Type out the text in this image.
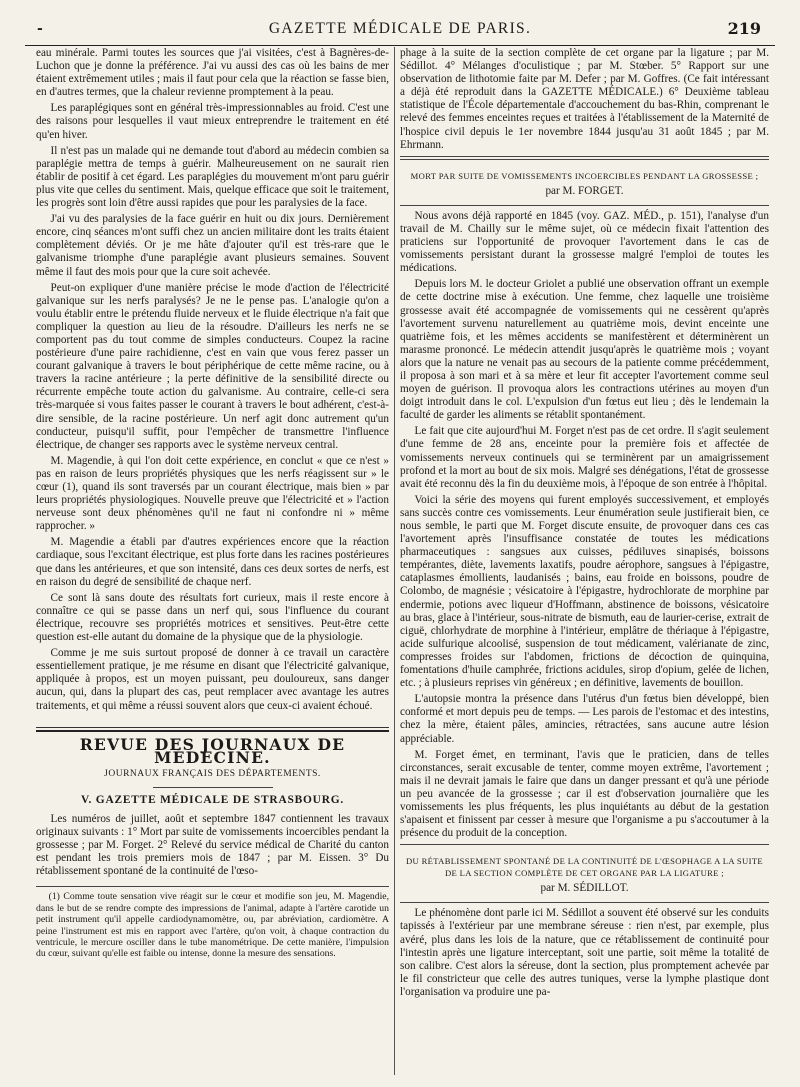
-	GAZETTE MÉDICALE DE PARIS.	219

eau minérale. Parmi toutes les sources que j'ai visitées, c'est à Bagnères-de-Luchon que je donne la préférence. J'ai vu aussi des cas où les bains de mer étaient extrêmement utiles ; mais il faut pour cela que la réaction se fasse bien, en d'autres termes, que la chaleur revienne promptement à la peau.

Les paraplégiques sont en général très-impressionnables au froid. C'est une des raisons pour lesquelles il vaut mieux entreprendre le traitement en été qu'en hiver.

Il n'est pas un malade qui ne demande tout d'abord au médecin combien sa paraplégie mettra de temps à guérir. Malheureusement on ne saurait rien établir de positif à cet égard. Les paraplégies du mouvement m'ont paru guérir plus vite que celles du sentiment. Mais, quelque efficace que soit le traitement, les progrès sont loin d'être aussi rapides que pour les paralysies de la face.

J'ai vu des paralysies de la face guérir en huit ou dix jours. Dernièrement encore, cinq séances m'ont suffi chez un ancien militaire dont les traits étaient complètement déviés. Or je me hâte d'ajouter qu'il est très-rare que le galvanisme triomphe d'une paraplégie avant plusieurs semaines. Souvent même il faut des mois pour que la cure soit achevée.

Peut-on expliquer d'une manière précise le mode d'action de l'électricité galvanique sur les nerfs paralysés? Je ne le pense pas. L'analogie qu'on a voulu établir entre le prétendu fluide nerveux et le fluide électrique n'a fait que compliquer la question au lieu de la résoudre. D'ailleurs les nerfs ne se comportent pas du tout comme de simples conducteurs. Coupez la racine postérieure d'une paire rachidienne, c'est en vain que vous ferez passer un courant galvanique à travers le bout périphérique de cette même racine, ou à travers la racine antérieure ; la perte définitive de la sensibilité directe ou récurrente empêche toute action du galvanisme. Au contraire, celle-ci sera très-marquée si vous faites passer le courant à travers le bout adhérent, c'est-à-dire sensible, de la racine postérieure. Un nerf agit donc autrement qu'un conducteur, puisqu'il suffit, pour l'empêcher de transmettre l'influence électrique, de changer ses rapports avec le système nerveux central.

M. Magendie, à qui l'on doit cette expérience, en conclut « que ce n'est » pas en raison de leurs propriétés physiques que les nerfs réagissent sur » le cœur (1), quand ils sont traversés par un courant électrique, mais bien » par leurs propriétés physiologiques. Nouvelle preuve que l'électricité et » l'action nerveuse sont deux phénomènes qu'il ne faut ni confondre ni » même rapprocher. »

M. Magendie a établi par d'autres expériences encore que la réaction cardiaque, sous l'excitant électrique, est plus forte dans les racines postérieures que dans les antérieures, et que son intensité, dans ces deux sortes de nerfs, est en raison du degré de sensibilité de chaque nerf.

Ce sont là sans doute des résultats fort curieux, mais il reste encore à connaître ce qui se passe dans un nerf qui, sous l'influence du courant électrique, recouvre ses propriétés motrices et sensitives. Peut-être cette question est-elle autant du domaine de la physique que de la physiologie.

Comme je me suis surtout proposé de donner à ce travail un caractère essentiellement pratique, je me résume en disant que l'électricité galvanique, appliquée à propos, est un moyen puissant, peu douloureux, sans danger aucun, qui, dans la plupart des cas, peut remplacer avec avantage les autres traitements, et qui même a réussi souvent alors que ceux-ci avaient échoué.

REVUE DES JOURNAUX DE MÉDECINE.
JOURNAUX FRANÇAIS DES DÉPARTEMENTS.
V. GAZETTE MÉDICALE DE STRASBOURG.

Les numéros de juillet, août et septembre 1847 contiennent les travaux originaux suivants : 1° Mort par suite de vomissements incoercibles pendant la grossesse ; par M. Forget. 2° Relevé du service médical de Charité du canton est pendant les trois premiers mois de 1847 ; par M. Eissen. 3° Du rétablissement spontané de la continuité de l'œso-

(1) Comme toute sensation vive réagit sur le cœur et modifie son jeu, M. Magendie, dans le but de se rendre compte des impressions de l'animal, adapte à l'artère carotide un petit instrument qu'il appelle cardiodynamomètre, ou, par abréviation, cardiomètre. A peine l'instrument est mis en rapport avec l'artère, qu'on voit, à chaque contraction du ventricule, le mercure osciller dans le tube manométrique. De cette manière, l'impulsion du cœur, suivant qu'elle est faible ou intense, donne la mesure des sensations.

phage à la suite de la section complète de cet organe par la ligature ; par M. Sédillot. 4° Mélanges d'oculistique ; par M. Stœber. 5° Rapport sur une observation de lithotomie faite par M. Defer ; par M. Goffres. (Ce fait intéressant a déjà été reproduit dans la GAZETTE MÉDICALE.) 6° Deuxième tableau statistique de l'École départementale d'accouchement du bas-Rhin, comprenant le relevé des femmes enceintes reçues et traitées à l'établissement de la Maternité de l'hospice civil depuis le 1er novembre 1844 jusqu'au 31 août 1845 ; par M. Ehrmann.

MORT PAR SUITE DE VOMISSEMENTS INCOERCIBLES PENDANT LA GROSSESSE ;
par M. FORGET.

Nous avons déjà rapporté en 1845 (voy. GAZ. MÉD., p. 151), l'analyse d'un travail de M. Chailly sur le même sujet, où ce médecin fixait l'attention des praticiens sur l'opportunité de provoquer l'avortement dans le cas de vomissements persistant durant la grossesse malgré l'emploi de toutes les médications.

Depuis lors M. le docteur Griolet a publié une observation offrant un exemple de cette doctrine mise à exécution. Une femme, chez laquelle une troisième grossesse avait été accompagnée de vomissements qui ne cessèrent qu'après l'avortement survenu naturellement au quatrième mois, devint enceinte une quatrième fois, et les mêmes accidents se manifestèrent et déterminèrent un marasme prononcé. Le médecin attendit jusqu'après le quatrième mois ; voyant alors que la nature ne venait pas au secours de la patiente comme précédemment, il proposa à son mari et à sa mère et leur fit accepter l'avortement comme seul moyen de guérison. Il provoqua alors les contractions utérines au moyen d'un doigt introduit dans le col. L'expulsion d'un fœtus eut lieu ; dès le lendemain la faculté de garder les aliments se rétablit spontanément.

Le fait que cite aujourd'hui M. Forget n'est pas de cet ordre. Il s'agit seulement d'une femme de 28 ans, enceinte pour la première fois et affectée de vomissements nerveux continuels qui se terminèrent par un amaigrissement profond et la mort au bout de six mois. Malgré ses dénégations, l'état de grossesse avait été reconnu dès la fin du deuxième mois, à l'époque de son entrée à l'hôpital.

Voici la série des moyens qui furent employés successivement, et employés sans succès contre ces vomissements. Leur énumération seule justifierait bien, ce nous semble, le parti que M. Forget discute ensuite, de provoquer dans ces cas l'avortement après l'insuffisance constatée de toutes les médications pharmaceutiques : sangsues aux cuisses, pédiluves sinapisés, boissons tempérantes, diète, lavements laxatifs, poudre aérophore, sangsues à l'épigastre, cataplasmes émollients, laudanisés ; bains, eau froide en boissons, poudre de Colombo, de magnésie ; vésicatoire à l'épigastre, hydrochlorate de morphine par endermie, potions avec liqueur d'Hoffmann, abstinence de boissons, vésicatoire au bras, glace à l'intérieur, sous-nitrate de bismuth, eau de laurier-cerise, extrait de ciguë, chlorhydrate de morphine à l'intérieur, emplâtre de thériaque à l'épigastre, acide sulfurique alcoolisé, suspension de tout médicament, valérianate de zinc, compresses froides sur l'abdomen, frictions de décoction de quinquina, fomentations d'huile camphrée, frictions acidules, sirop d'opium, gelée de lichen, etc. ; à plusieurs reprises vin généreux ; en définitive, lavements de bouillon.

L'autopsie montra la présence dans l'utérus d'un fœtus bien développé, bien conformé et mort depuis peu de temps. — Les parois de l'estomac et des intestins, chez la mère, étaient pâles, amincies, rétractées, sans aucune autre lésion appréciable.

M. Forget émet, en terminant, l'avis que le praticien, dans de telles circonstances, serait excusable de tenter, comme moyen extrême, l'avortement ; mais il ne devrait jamais le faire que dans un danger pressant et qu'à une période un peu avancée de la grossesse ; car il est d'observation journalière que les vomissements les plus fréquents, les plus inquiétants au début de la gestation s'apaisent et finissent par cesser à mesure que l'organisme a pu s'accoutumer à la présence du produit de la conception.

DU RÉTABLISSEMENT SPONTANÉ DE LA CONTINUITÉ DE L'ŒSOPHAGE A LA SUITE DE LA SECTION COMPLÈTE DE CET ORGANE PAR LA LIGATURE ;
par M. SÉDILLOT.

Le phénomène dont parle ici M. Sédillot a souvent été observé sur les conduits tapissés à l'extérieur par une membrane séreuse : rien n'est, par exemple, plus avéré, plus dans les lois de la nature, que ce rétablissement de continuité pour l'intestin après une ligature interceptant, soit une partie, soit même la totalité de son calibre. C'est alors la séreuse, dont la section, plus promptement achevée par le fil constricteur que celle des autres tuniques, verse la lymphe plastique dont l'organisation va produire une pa-
